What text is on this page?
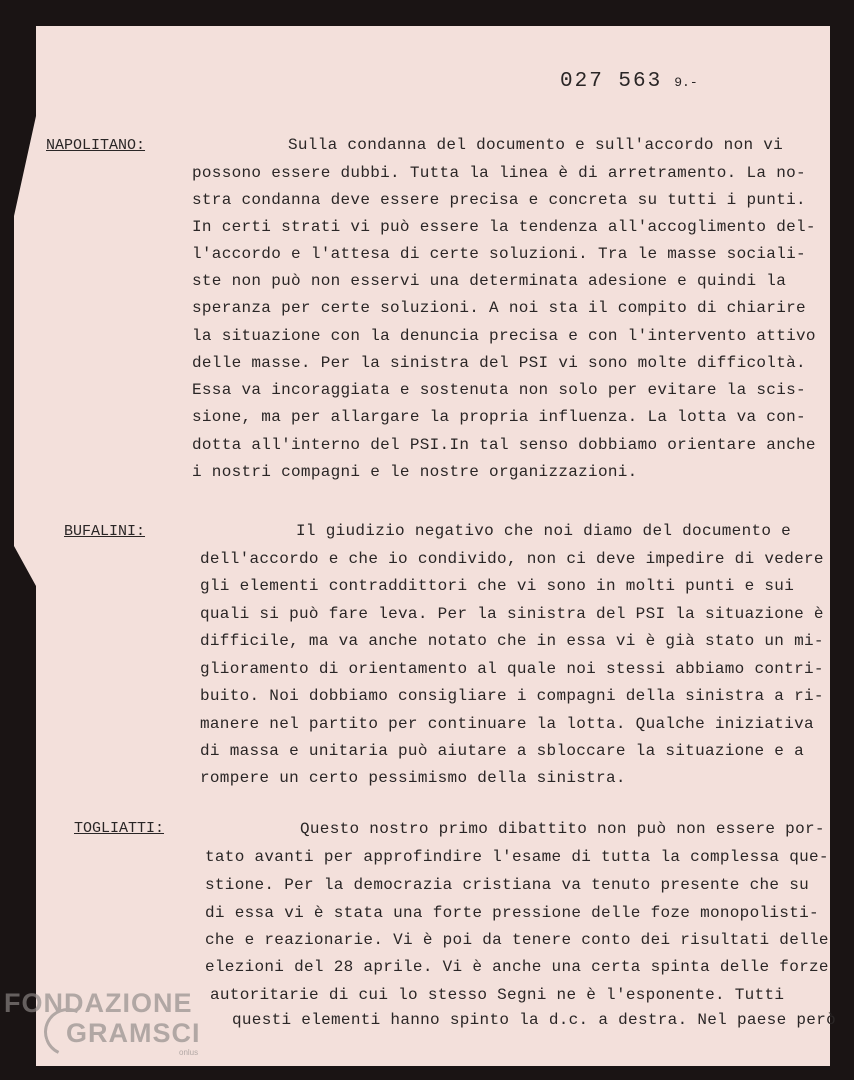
027 563 9.-
NAPOLITANO:	Sulla condanna del documento e sull'accordo non vi
possono essere dubbi. Tutta la linea è di arretramento. La no-
stra condanna deve essere precisa e concreta su tutti i punti.
In certi strati vi può essere la tendenza all'accoglimento del-
l'accordo e l'attesa di certe soluzioni. Tra le masse sociali-
ste non può non esservi una determinata adesione e quindi la
speranza per certe soluzioni. A noi sta il compito di chiarire
la situazione con la denuncia precisa e con l'intervento attivo
delle masse. Per la sinistra del PSI vi sono molte difficoltà.
Essa va incoraggiata e sostenuta non solo per evitare la scis-
sione, ma per allargare la propria influenza. La lotta va con-
dotta all'interno del PSI.In tal senso dobbiamo orientare anche
i nostri compagni e le nostre organizzazioni.
BUFALINI:	Il giudizio negativo che noi diamo del documento e
dell'accordo e che io condivido, non ci deve impedire di vedere
gli elementi contraddittori che vi sono in molti punti e sui
quali si può fare leva. Per la sinistra del PSI la situazione è
difficile, ma va anche notato che in essa vi è già stato un mi-
glioramento di orientamento al quale noi stessi abbiamo contri-
buito. Noi dobbiamo consigliare i compagni della sinistra a ri-
manere nel partito per continuare la lotta. Qualche iniziativa
di massa e unitaria può aiutare a sbloccare la situazione e a
rompere un certo pessimismo della sinistra.
TOGLIATTI:	Questo nostro primo dibattito non può non essere por-
tato avanti per approfindire l'esame di tutta la complessa que-
stione. Per la democrazia cristiana va tenuto presente che su
di essa vi è stata una forte pressione delle foze monopolisti-
che e reazionarie. Vi è poi da tenere conto dei risultati delle
elezioni del 28 aprile. Vi è anche una certa spinta delle forze
autoritarie di cui lo stesso Segni ne è l'esponente. Tutti
questi elementi hanno spinto la d.c. a destra. Nel paese però
FONDAZIONE
GRAMSCI
onlus
